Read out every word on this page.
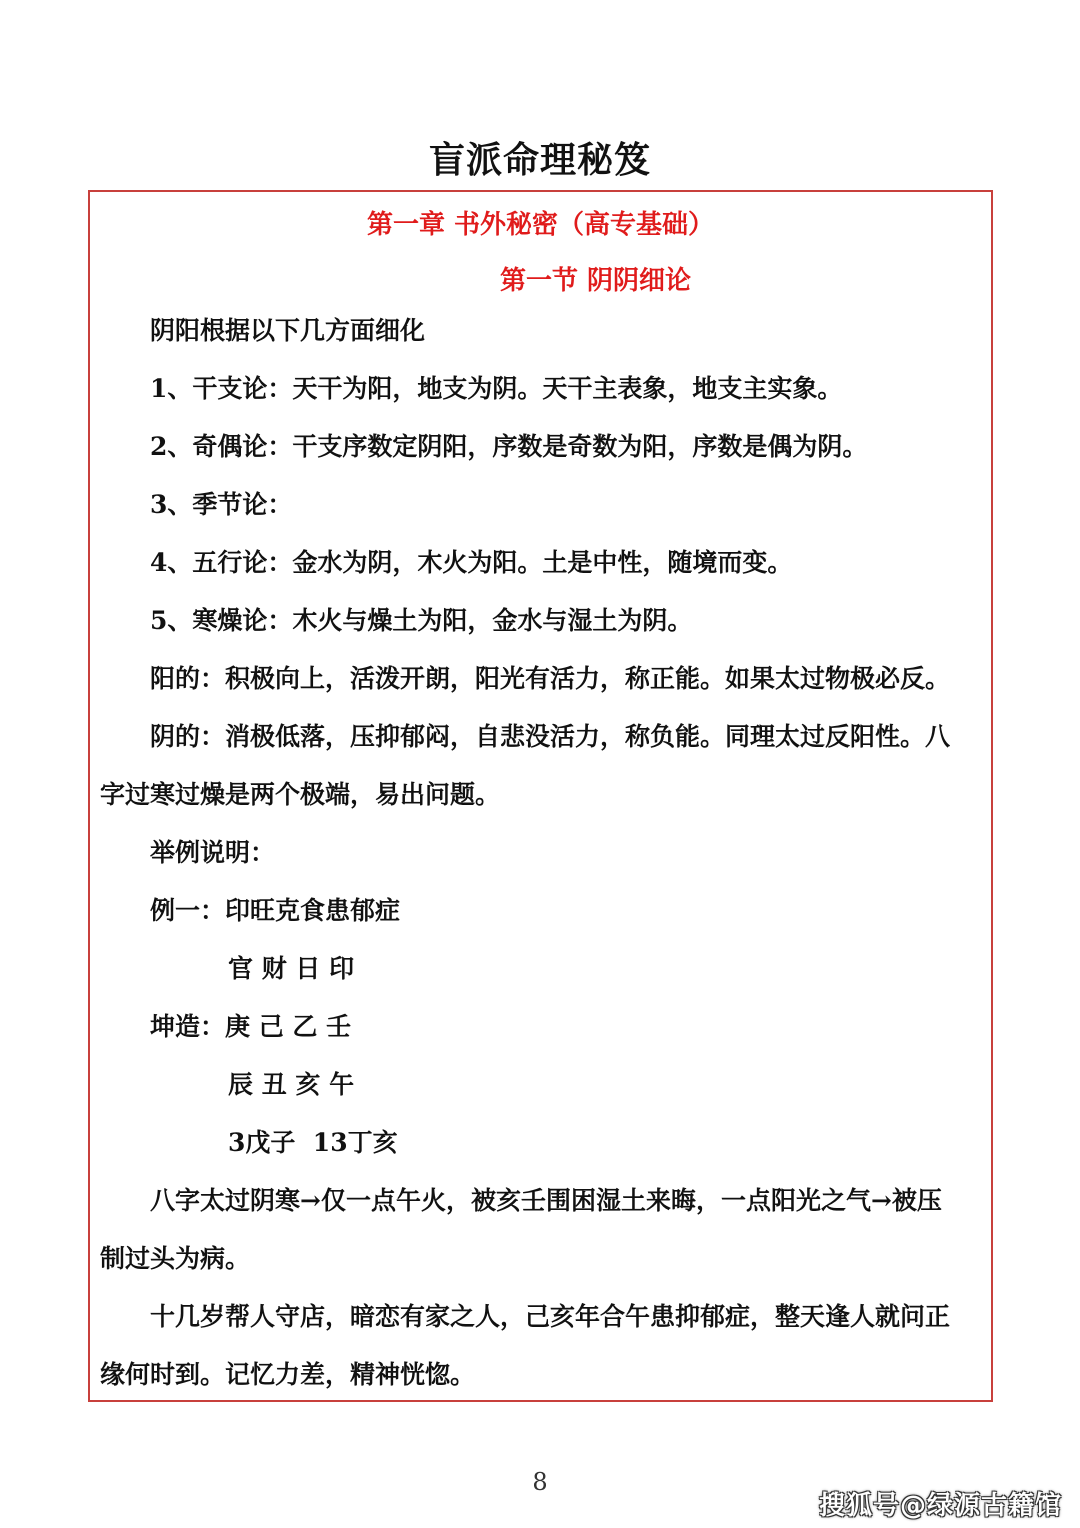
盲派命理秘笈
第一章 书外秘密（高专基础）
第一节 阴阴细论
阴阳根据以下几方面细化
1、干支论：天干为阳，地支为阴。天干主表象，地支主实象。
2、奇偶论：干支序数定阴阳，序数是奇数为阳，序数是偶为阴。
3、季节论：
4、五行论：金水为阴，木火为阳。土是中性，随境而变。
5、寒燥论：木火与燥土为阳，金水与湿土为阴。
阳的：积极向上，活泼开朗，阳光有活力，称正能。如果太过物极必反。
阴的：消极低落，压抑郁闷，自悲没活力，称负能。同理太过反阳性。八
字过寒过燥是两个极端，易出问题。
举例说明：
例一：印旺克食患郁症
官 财 日 印
坤造：庚 己 乙 壬
辰 丑 亥 午
3戊子  13丁亥
八字太过阴寒→仅一点午火，被亥壬围困湿土来晦，一点阳光之气→被压
制过头为病。
十几岁帮人守店，暗恋有家之人，己亥年合午患抑郁症，整天逢人就问正
缘何时到。记忆力差，精神恍惚。
8
搜狐号@绿源古籍馆
